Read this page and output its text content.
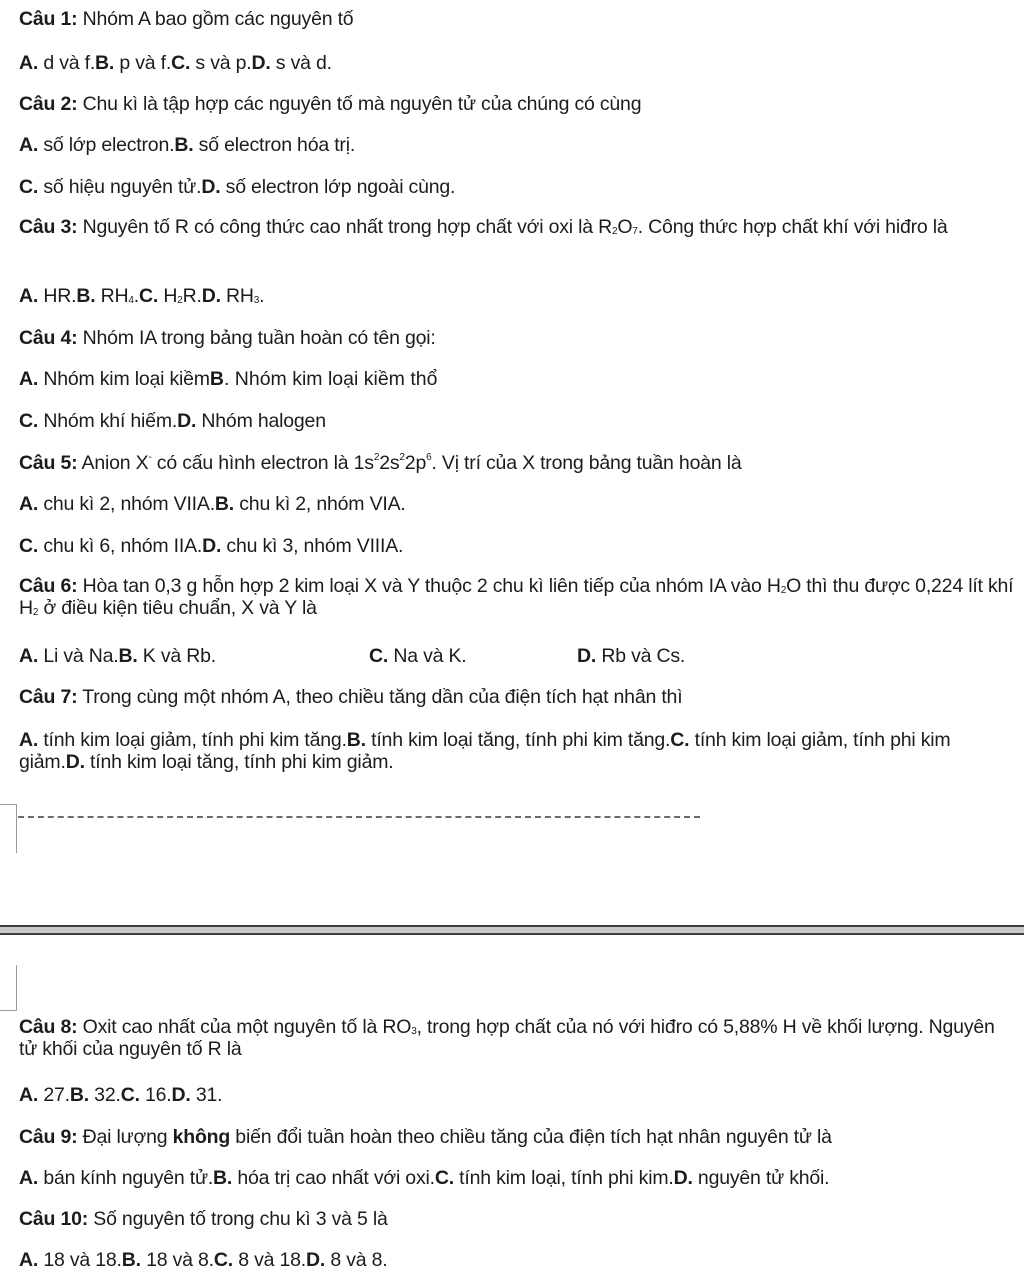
Câu 1: Nhóm A bao gồm các nguyên tố
A. d và f.B. p và f.C. s và p.D. s và d.
Câu 2: Chu kì là tập hợp các nguyên tố mà nguyên tử của chúng có cùng
A. số lớp electron.B. số electron hóa trị.
C. số hiệu nguyên tử.D. số electron lớp ngoài cùng.
Câu 3: Nguyên tố R có công thức cao nhất trong hợp chất với oxi là $R_2O_7$. Công thức hợp chất khí với hiđro là
A. HR.B. $RH_4.C$. $H_2R.D$. $RH_3$.
Câu 4: Nhóm IA trong bảng tuần hoàn có tên gọi:
A. Nhóm kim loại kiềmB. Nhóm kim loại kiềm thổ
C. Nhóm khí hiếm.D. Nhóm halogen
Câu 5: Anion X- có cấu hình electron là $1s^22s^22p^6$. Vị trí của X trong bảng tuần hoàn là
A. chu kì 2, nhóm VIIA.B. chu kì 2, nhóm VIA.
C. chu kì 6, nhóm IIA.D. chu kì 3, nhóm VIIIA.
Câu 6: Hòa tan 0,3 g hỗn hợp 2 kim loại X và Y thuộc 2 chu kì liên tiếp của nhóm IA vào $H_2O$ thì thu được 0,224 lít khí $H_2$ ở điều kiện tiêu chuẩn, X và Y là
A. Li và Na.B. K và Rb.	C. Na và K.	D. Rb và Cs.
Câu 7: Trong cùng một nhóm A, theo chiều tăng dần của điện tích hạt nhân thì
A. tính kim loại giảm, tính phi kim tăng.B. tính kim loại tăng, tính phi kim tăng.C. tính kim loại giảm, tính phi kim giảm.D. tính kim loại tăng, tính phi kim giảm.
Câu 8: Oxit cao nhất của một nguyên tố là $RO_3$, trong hợp chất của nó với hiđro có 5,88% H về khối lượng. Nguyên tử khối của nguyên tố R là
A. 27.B. 32.C. 16.D. 31.
Câu 9: Đại lượng không biến đổi tuần hoàn theo chiều tăng của điện tích hạt nhân nguyên tử là
A. bán kính nguyên tử.B. hóa trị cao nhất với oxi.C. tính kim loại, tính phi kim.D. nguyên tử khối.
Câu 10: Số nguyên tố trong chu kì 3 và 5 là
A. 18 và 18.B. 18 và 8.C. 8 và 18.D. 8 và 8.
